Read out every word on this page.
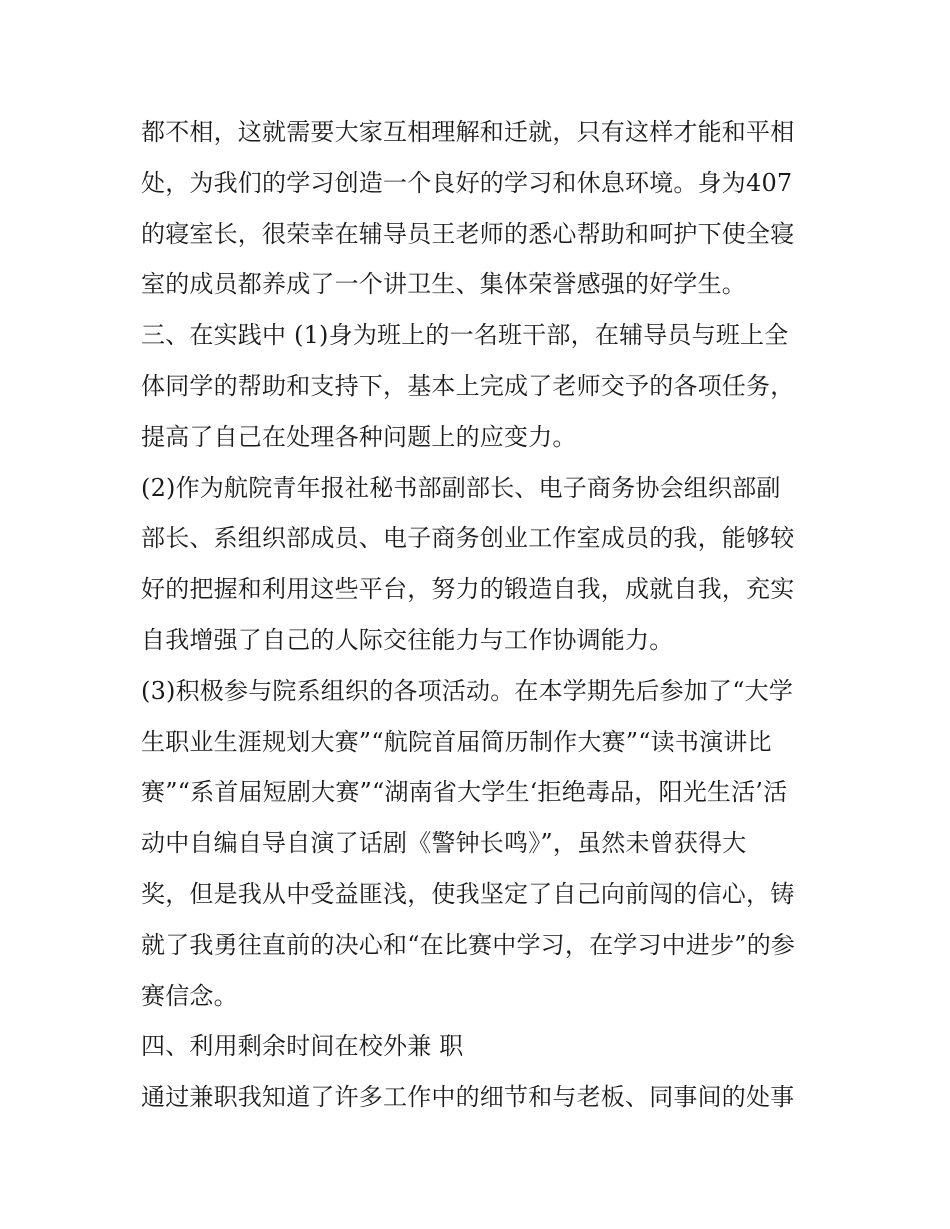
都不相，这就需要大家互相理解和迁就，只有这样才能和平相
处，为我们的学习创造一个良好的学习和休息环境。身为407
的寝室长，很荣幸在辅导员王老师的悉心帮助和呵护下使全寝
室的成员都养成了一个讲卫生、集体荣誉感强的好学生。
三、在实践中 (1)身为班上的一名班干部，在辅导员与班上全
体同学的帮助和支持下，基本上完成了老师交予的各项任务，
提高了自己在处理各种问题上的应变力。
(2)作为航院青年报社秘书部副部长、电子商务协会组织部副
部长、系组织部成员、电子商务创业工作室成员的我，能够较
好的把握和利用这些平台，努力的锻造自我，成就自我，充实
自我增强了自己的人际交往能力与工作协调能力。
(3)积极参与院系组织的各项活动。在本学期先后参加了“大学
生职业生涯规划大赛”“航院首届简历制作大赛”“读书演讲比
赛”“系首届短剧大赛”“湖南省大学生‘拒绝毒品，阳光生活’活
动中自编自导自演了话剧《警钟长鸣》”，虽然未曾获得大
奖，但是我从中受益匪浅，使我坚定了自己向前闯的信心，铸
就了我勇往直前的决心和“在比赛中学习，在学习中进步”的参
赛信念。
四、利用剩余时间在校外兼 职
通过兼职我知道了许多工作中的细节和与老板、同事间的处事
